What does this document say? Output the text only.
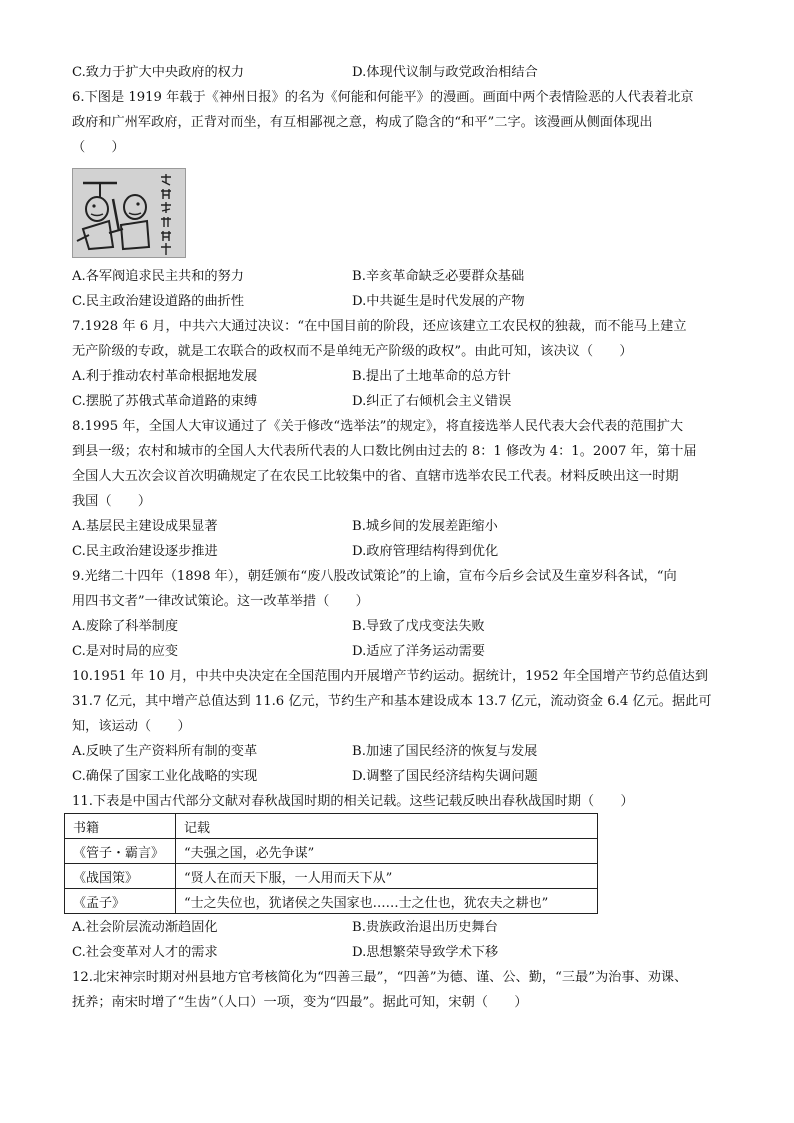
C.致力于扩大中央政府的权力	D.体现代议制与政党政治相结合
6.下图是 1919 年载于《神州日报》的名为《何能和何能平》的漫画。画面中两个表情险恶的人代表着北京
政府和广州军政府，正背对而坐，有互相鄙视之意，构成了隐含的“和平”二字。该漫画从侧面体现出
（　　）
A.各军阀追求民主共和的努力	B.辛亥革命缺乏必要群众基础
C.民主政治建设道路的曲折性	D.中共诞生是时代发展的产物
7.1928 年 6 月，中共六大通过决议：“在中国目前的阶段，还应该建立工农民权的独裁，而不能马上建立
无产阶级的专政，就是工农联合的政权而不是单纯无产阶级的政权”。由此可知，该决议（　　）
A.利于推动农村革命根据地发展	B.提出了土地革命的总方针
C.摆脱了苏俄式革命道路的束缚	D.纠正了右倾机会主义错误
8.1995 年，全国人大审议通过了《关于修改“选举法”的规定》，将直接选举人民代表大会代表的范围扩大
到县一级；农村和城市的全国人大代表所代表的人口数比例由过去的 8：1 修改为 4：1。2007 年，第十届
全国人大五次会议首次明确规定了在农民工比较集中的省、直辖市选举农民工代表。材料反映出这一时期
我国（　　）
A.基层民主建设成果显著	B.城乡间的发展差距缩小
C.民主政治建设逐步推进	D.政府管理结构得到优化
9.光绪二十四年（1898 年），朝廷颁布“废八股改试策论”的上谕，宣布今后乡会试及生童岁科各试，“向
用四书文者”一律改试策论。这一改革举措（　　）
A.废除了科举制度	B.导致了戊戌变法失败
C.是对时局的应变	D.适应了洋务运动需要
10.1951 年 10 月，中共中央决定在全国范围内开展增产节约运动。据统计，1952 年全国增产节约总值达到
31.7 亿元，其中增产总值达到 11.6 亿元，节约生产和基本建设成本 13.7 亿元，流动资金 6.4 亿元。据此可
知，该运动（　　）
A.反映了生产资料所有制的变革	B.加速了国民经济的恢复与发展
C.确保了国家工业化战略的实现	D.调整了国民经济结构失调问题
11.下表是中国古代部分文献对春秋战国时期的相关记载。这些记载反映出春秋战国时期（　　）
书籍	记载
《管子・霸言》	“夫强之国，必先争谋”
《战国策》	“贤人在而天下服，一人用而天下从”
《孟子》	“士之失位也，犹诸侯之失国家也……士之仕也，犹农夫之耕也”
A.社会阶层流动渐趋固化	B.贵族政治退出历史舞台
C.社会变革对人才的需求	D.思想繁荣导致学术下移
12.北宋神宗时期对州县地方官考核简化为“四善三最”，“四善”为德、谨、公、勤，“三最”为治事、劝课、
抚养；南宋时增了“生齿”（人口）一项，变为“四最”。据此可知，宋朝（　　）
